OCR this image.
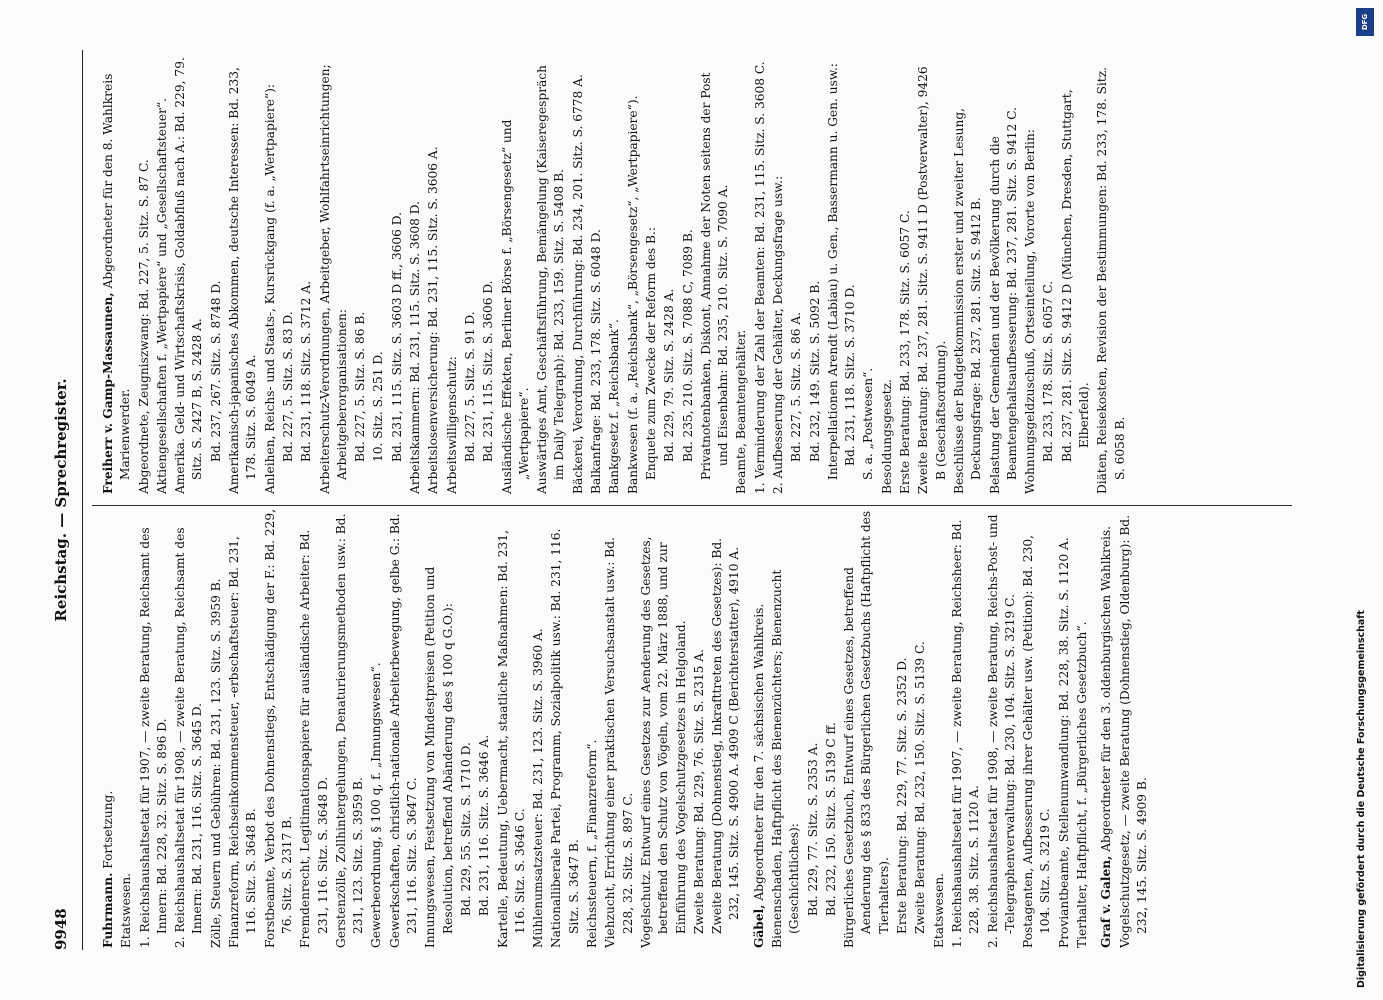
9948
Reichstag. — Sprechregister.
Fuhrmann. Fortsetzung.
Etatswesen. 1. Reichshaushaltsetat für 1907, — zweite Beratung, Reichsamt des Innern: Bd. 228, 32. Sitz. S. 896 D. 2. Reichshaushaltsetat für 1908, — zweite Beratung, Reichsamt des Innern: Bd. 231, 116. Sitz. S. 3645 D. Zölle, Steuern und Gebühren: Bd. 231, 123. Sitz. S. 3959 B. Finanzreform, Reichseinkommensteuer, -erbschaftsteuer: Bd. 231, 116. Sitz. S. 3648 B. Forstbeamte, Verbot des Dohnenstiegs, Entschädigung der F.: Bd. 229, 76. Sitz. S. 2317 B. Fremdenrecht, Legitimationspapiere für ausländische Arbeiter: Bd. 231, 116. Sitz. S. 3648 D. Gerstenzölle, Zollhintergehungen, Denaturierungsmethoden usw.: Bd. 231, 123. Sitz. S. 3959 B. Gewerbeordnung, § 100 q, f. „Innungswesen“. Gewerkschaften, christlich-nationale Arbeiterbewegung, gelbe G.: Bd. 231, 116. Sitz. S. 3647 C. Innungswesen, Festsetzung von Mindestpreisen (Petition und Resolution, betreffend Abänderung des § 100 q G.O.): Bd. 229, 55. Sitz. S. 1710 D. Bd. 231, 116. Sitz. S. 3646 A. Kartelle, Bedeutung, Uebermacht, staatliche Maßnahmen: Bd. 231, 116. Sitz. S. 3646 C. Mühlenumsatzsteuer: Bd. 231, 123. Sitz. S. 3960 A. Nationalliberale Partei, Programm, Sozialpolitik usw.: Bd. 231, 116. Sitz. S. 3647 B. Reichssteuern, f. „Finanzreform“. Viehzucht, Errichtung einer praktischen Versuchsanstalt usw.: Bd. 228, 32. Sitz. S. 897 C. Vogelschutz. Entwurf eines Gesetzes zur Aenderung des Gesetzes, betreffend den Schutz von Vögeln, vom 22. März 1888, und zur Einführung des Vogelschutzgesetzes in Helgoland. Zweite Beratung: Bd. 229, 76. Sitz. S. 2315 A. Zweite Beratung (Dohnenstieg, Inkrafttreten des Gesetzes): Bd. 232, 145. Sitz. S. 4900 A. 4909 C (Berichterstatter), 4910 A.
Gäbel, Abgeordneter für den 7. sächsischen Wahlkreis. Bienenschaden, Haftpflicht des Bienenzüchters; Bienenzucht (Geschichtliches): Bd. 229, 77. Sitz. S. 2353 A. Bd. 232, 150. Sitz. S. 5139 C ff. Bürgerliches Gesetzbuch, Entwurf eines Gesetzes, betreffend Aenderung des § 833 des Bürgerlichen Gesetzbuchs (Haftpflicht des Tierhalters). Erste Beratung: Bd. 229, 77. Sitz. S. 2352 D. Zweite Beratung: Bd. 232, 150. Sitz. S. 5139 C. Etatswesen. 1. Reichshaushaltsetat für 1907, — zweite Beratung, Reichsheer: Bd. 228, 38. Sitz. S. 1120 A. 2. Reichshaushaltsetat für 1908, — zweite Beratung, Reichs-Post- und -Telegraphenverwaltung: Bd. 230, 104. Sitz. S. 3219 C. Postagenten, Aufbesserung ihrer Gehälter usw. (Petition): Bd. 230, 104. Sitz. S. 3219 C. Proviantbeamte, Stellenumwandlung: Bd. 228, 38. Sitz. S. 1120 A. Tierhalter, Haftpflicht, f. „Bürgerliches Gesetzbuch“. Graf v. Galen, Abgeordneter für den 3. oldenburgischen Wahlkreis. Vogelschutzgesetz, — zweite Beratung (Dohnenstieg, Oldenburg): Bd. 232, 145. Sitz. S. 4909 B.
Freiherr v. Gamp-Massaunen, Abgeordneter für den 8. Wahlkreis Marienwerder. Abgeordnete, Zeugniszwang: Bd. 227, 5. Sitz. S. 87 C. Aktiengesellschaften f. „Wertpapiere“ und „Gesellschaftsteuer“. Amerika. Geld- und Wirtschaftskrisis, Goldabfluß nach A.: Bd. 229, 79. Sitz. S. 2427 B, S. 2428 A. Bd. 237, 267. Sitz. S. 8748 D. Amerikanisch-japanisches Abkommen, deutsche Interessen: Bd. 233, 178. Sitz. S. 6049 A. Anleihen, Reichs- und Staats-, Kursrückgang (f. a. „Wertpapiere“): Bd. 227, 5. Sitz. S. 83 D. Bd. 231, 118. Sitz. S. 3712 A. Arbeiterschutz-Verordnungen, Arbeitgeber, Wohlfahrtseinrichtungen; Arbeitgeberorganisationen: Bd. 227, 5. Sitz. S. 86 B. 10. Sitz. S. 251 D. Bd. 231, 115. Sitz. S. 3603 D ff., 3606 D. Arbeitskammern: Bd. 231, 115. Sitz. S. 3608 D. Arbeitslosenversicherung: Bd. 231, 115. Sitz. S. 3606 A. Arbeitswilligenschutz: Bd. 227, 5. Sitz. S. 91 D. Bd. 231, 115. Sitz. S. 3606 D. Ausländische Effekten, Berliner Börse f. „Börsengesetz“ und „Wertpapiere“. Auswärtiges Amt, Geschäftsführung, Bemängelung (Kaiseregespräch im Daily Telegraph): Bd. 233, 159. Sitz. S. 5408 B. Bäckerei, Verordnung, Durchführung: Bd. 234, 201. Sitz. S. 6778 A. Balkanfrage: Bd. 233, 178. Sitz. S. 6048 D. Bankgesetz f. „Reichsbank“. Bankwesen (f. a. „Reichsbank“, „Börsengesetz“, „Wertpapiere“). Enquete zum Zwecke der Reform des B.: Bd. 229, 79. Sitz. S. 2428 A. Bd. 235, 210. Sitz. S. 7088 C, 7089 B. Privatnotenbanken, Diskont, Annahme der Noten seitens der Post und Eisenbahn: Bd. 235, 210. Sitz. S. 7090 A. Beamte, Beamtengehälter. 1. Verminderung der Zahl der Beamten: Bd. 231, 115. Sitz. S. 3608 C. 2. Aufbesserung der Gehälter, Deckungsfrage usw.: Bd. 227, 5. Sitz. S. 86 A. Bd. 232, 149. Sitz. S. 5092 B. Interpellationen Arendt (Labiau) u. Gen., Bassermann u. Gen. usw.: Bd. 231, 118. Sitz. S. 3710 D. S. a. „Postwesen“. Besoldungsgesetz. Erste Beratung: Bd. 233, 178. Sitz. S. 6057 C. Zweite Beratung: Bd. 237, 281. Sitz. S. 9411 D (Postverwalter), 9426 B (Geschäftsordnung). Beschlüsse der Budgetkommission erster und zweiter Lesung, Deckungsfrage: Bd. 237, 281. Sitz. S. 9412 B. Belastung der Gemeinden und der Bevölkerung durch die Beamtengehaltsaufbesserung: Bd. 237, 281. Sitz. S. 9412 C. Wohnungsgeldzuschuß, Ortseinteilung, Vororte von Berlin: Bd. 233, 178. Sitz. S. 6057 C. Bd. 237, 281. Sitz. S. 9412 D (München, Dresden, Stuttgart, Elberfeld). Diäten, Reisekosten, Revision der Bestimmungen: Bd. 233, 178. Sitz. S. 6058 B.
Digitalisierung gefördert durch die Deutsche Forschungsgemeinschaft
DFG
